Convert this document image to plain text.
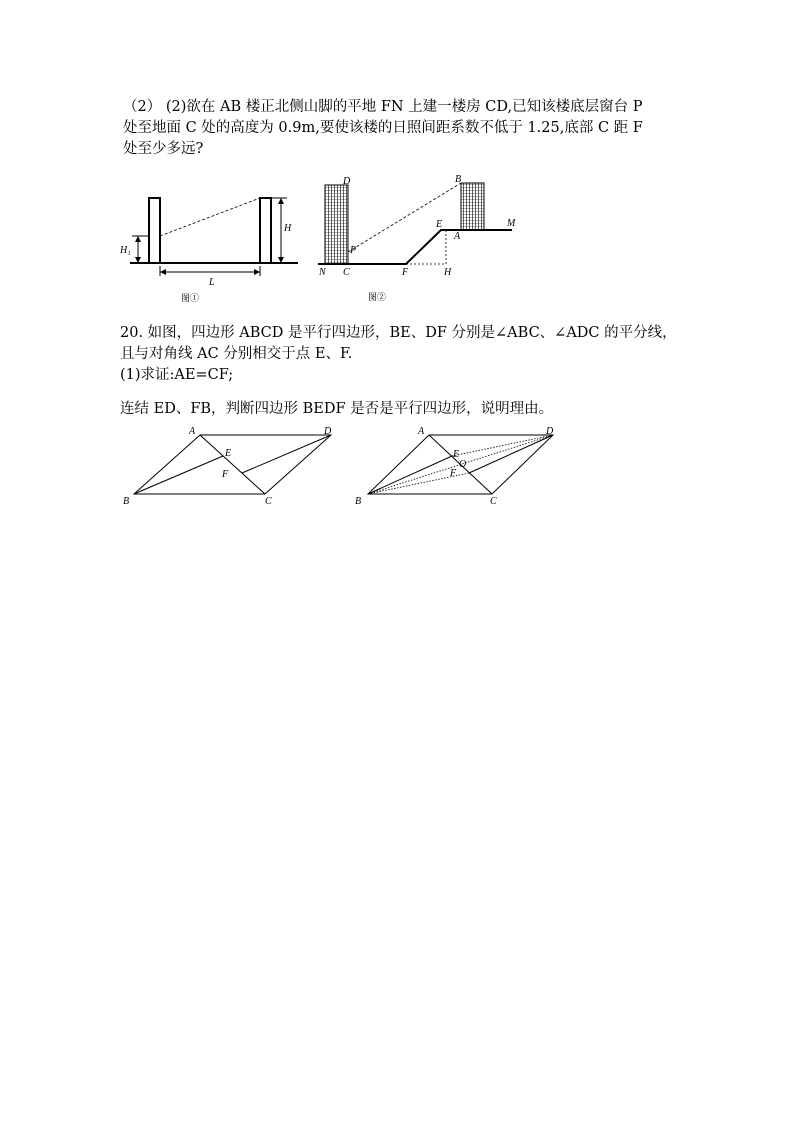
（2） (2)欲在 AB 楼正北侧山脚的平地 FN 上建一楼房 CD,已知该楼底层窗台 P
处至地面 C 处的高度为 0.9m,要使该楼的日照间距系数不低于 1.25,底部 C 距 F
处至少多远?
H₁
H
L
图①
D
P
N C	F	H
E
A
B
M
图②
20. 如图，四边形 ABCD 是平行四边形，BE、DF 分别是∠ABC、∠ADC 的平分线，
且与对角线 AC 分别相交于点 E、F.
(1)求证:AE=CF;
连结 ED、FB，判断四边形 BEDF 是否是平行四边形，说明理由。
A	D
E
F
B	C
A	D
E
O
F
B	C
